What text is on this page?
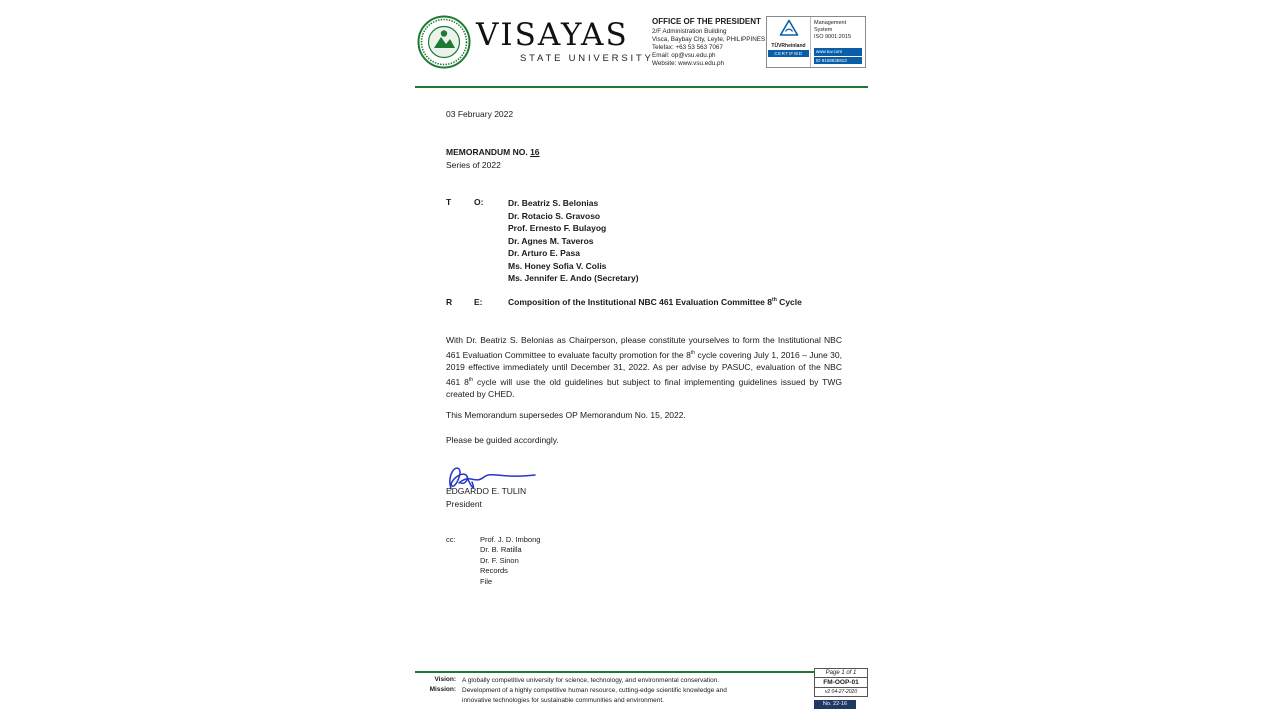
VISAYAS
STATE UNIVERSITY
OFFICE OF THE PRESIDENT
2/F Administration Building
Visca, Baybay City, Leyte, PHILIPPINES
Telefax: +63 53 563 7067
Email: op@vsu.edu.ph
Website: www.vsu.edu.ph
TÜVRheinland
CERTIFIED
Management System
ISO 9001:2015
www.tuv.com
ID 9108635913
03 February 2022
MEMORANDUM NO. 16
Series of 2022
T	O:	Dr. Beatriz S. Belonias
Dr. Rotacio S. Gravoso
Prof. Ernesto F. Bulayog
Dr. Agnes M. Taveros
Dr. Arturo E. Pasa
Ms. Honey Sofia V. Colis
Ms. Jennifer E. Ando (Secretary)
R	E:	Composition of the Institutional NBC 461 Evaluation Committee 8th Cycle

With Dr. Beatriz S. Belonias as Chairperson, please constitute yourselves to form the Institutional NBC 461 Evaluation Committee to evaluate faculty promotion for the 8th cycle covering July 1, 2016 – June 30, 2019 effective immediately until December 31, 2022. As per advise by PASUC, evaluation of the NBC 461 8th cycle will use the old guidelines but subject to final implementing guidelines issued by TWG created by CHED.

This Memorandum supersedes OP Memorandum No. 15, 2022.
Please be guided accordingly.
EDGARDO E. TULIN
President
cc:	Prof. J. D. Imbong
Dr. B. Ratilla
Dr. F. Sinon
Records
File
Vision: A globally competitive university for science, technology, and environmental conservation.
Mission: Development of a highly competitive human resource, cutting-edge scientific knowledge and innovative technologies for sustainable communities and environment.
Page 1 of 1
FM-OOP-01
v2 04-27-2020
No. 22-16
